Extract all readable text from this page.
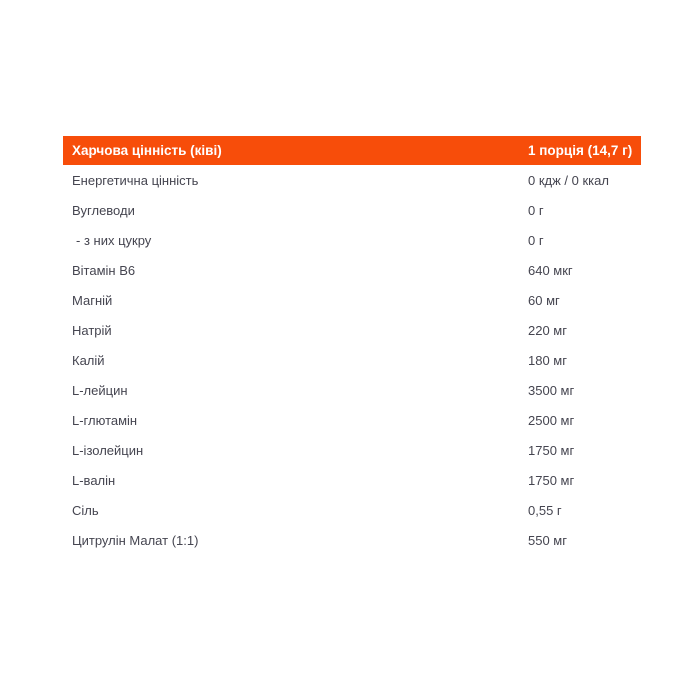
Харчова цінність (ківі)	1 порція (14,7 г)
Енергетична цінність	0 кдж / 0 ккал
Вуглеводи	0 г
- з них цукру	0 г
Вітамін B6	640 мкг
Магній	60 мг
Натрій	220 мг
Калій	180 мг
L-лейцин	3500 мг
L-глютамін	2500 мг
L-ізолейцин	1750 мг
L-валін	1750 мг
Сіль	0,55 г
Цитрулін Малат (1:1)	550 мг
